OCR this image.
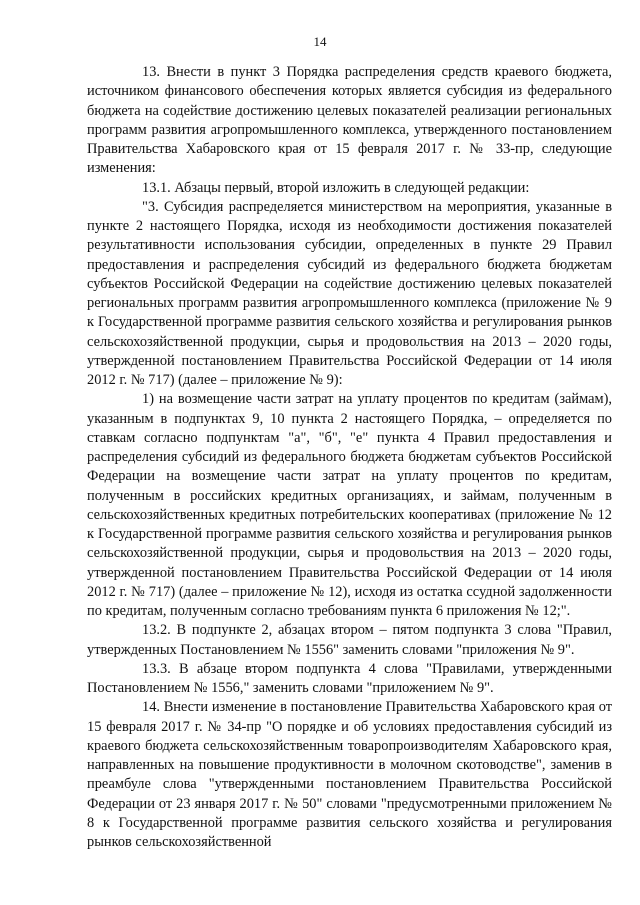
14

13. Внести в пункт 3 Порядка распределения средств краевого бюджета, источником финансового обеспечения которых является субсидия из федерального бюджета на содействие достижению целевых показателей реализации региональных программ развития агропромышленного комплекса, утвержденного постановлением Правительства Хабаровского края от 15 февраля 2017 г. № 33-пр, следующие изменения:

13.1. Абзацы первый, второй изложить в следующей редакции:

"3. Субсидия распределяется министерством на мероприятия, указанные в пункте 2 настоящего Порядка, исходя из необходимости достижения показателей результативности использования субсидии, определенных в пункте 29 Правил предоставления и распределения субсидий из федерального бюджета бюджетам субъектов Российской Федерации на содействие достижению целевых показателей региональных программ развития агропромышленного комплекса (приложение № 9 к Государственной программе развития сельского хозяйства и регулирования рынков сельскохозяйственной продукции, сырья и продовольствия на 2013 – 2020 годы, утвержденной постановлением Правительства Российской Федерации от 14 июля 2012 г. № 717) (далее – приложение № 9):

1) на возмещение части затрат на уплату процентов по кредитам (займам), указанным в подпунктах 9, 10 пункта 2 настоящего Порядка, – определяется по ставкам согласно подпунктам "а", "б", "е" пункта 4 Правил предоставления и распределения субсидий из федерального бюджета бюджетам субъектов Российской Федерации на возмещение части затрат на уплату процентов по кредитам, полученным в российских кредитных организациях, и займам, полученным в сельскохозяйственных кредитных потребительских кооперативах (приложение № 12 к Государственной программе развития сельского хозяйства и регулирования рынков сельскохозяйственной продукции, сырья и продовольствия на 2013 – 2020 годы, утвержденной постановлением Правительства Российской Федерации от 14 июля 2012 г. № 717) (далее – приложение № 12), исходя из остатка ссудной задолженности по кредитам, полученным согласно требованиям пункта 6 приложения № 12;".

13.2. В подпункте 2, абзацах втором – пятом подпункта 3 слова "Правил, утвержденных Постановлением № 1556" заменить словами "приложения № 9".

13.3. В абзаце втором подпункта 4 слова "Правилами, утвержденными Постановлением № 1556," заменить словами "приложением № 9".

14. Внести изменение в постановление Правительства Хабаровского края от 15 февраля 2017 г. № 34-пр "О порядке и об условиях предоставления субсидий из краевого бюджета сельскохозяйственным товаропроизводителям Хабаровского края, направленных на повышение продуктивности в молочном скотоводстве", заменив в преамбуле слова "утвержденными постановлением Правительства Российской Федерации от 23 января 2017 г. № 50" словами "предусмотренными приложением № 8 к Государственной программе развития сельского хозяйства и регулирования рынков сельскохозяйственной
